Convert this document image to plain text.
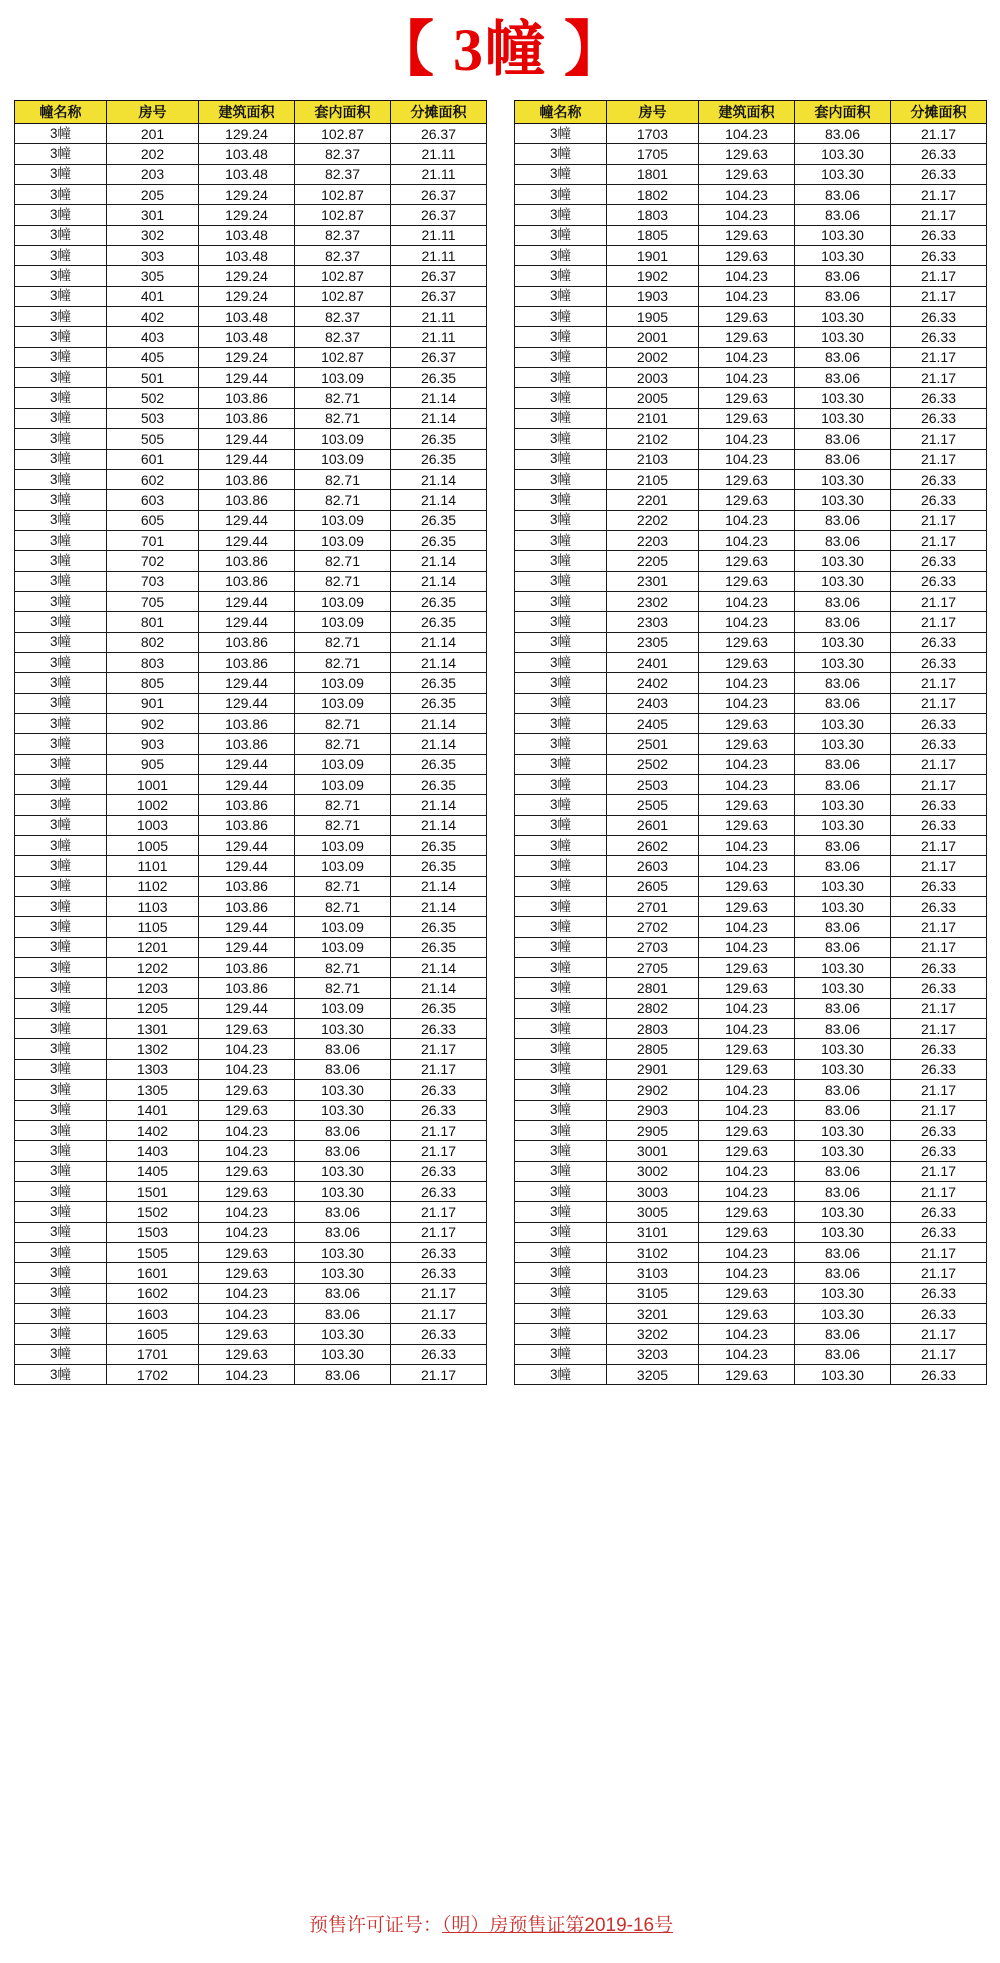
【 3幢 】
幢名称	房号	建筑面积	套内面积	分摊面积
3幢	201	129.24	102.87	26.37
3幢	202	103.48	82.37	21.11
3幢	203	103.48	82.37	21.11
3幢	205	129.24	102.87	26.37
3幢	301	129.24	102.87	26.37
3幢	302	103.48	82.37	21.11
3幢	303	103.48	82.37	21.11
3幢	305	129.24	102.87	26.37
3幢	401	129.24	102.87	26.37
3幢	402	103.48	82.37	21.11
3幢	403	103.48	82.37	21.11
3幢	405	129.24	102.87	26.37
3幢	501	129.44	103.09	26.35
3幢	502	103.86	82.71	21.14
3幢	503	103.86	82.71	21.14
3幢	505	129.44	103.09	26.35
3幢	601	129.44	103.09	26.35
3幢	602	103.86	82.71	21.14
3幢	603	103.86	82.71	21.14
3幢	605	129.44	103.09	26.35
3幢	701	129.44	103.09	26.35
3幢	702	103.86	82.71	21.14
3幢	703	103.86	82.71	21.14
3幢	705	129.44	103.09	26.35
3幢	801	129.44	103.09	26.35
3幢	802	103.86	82.71	21.14
3幢	803	103.86	82.71	21.14
3幢	805	129.44	103.09	26.35
3幢	901	129.44	103.09	26.35
3幢	902	103.86	82.71	21.14
3幢	903	103.86	82.71	21.14
3幢	905	129.44	103.09	26.35
3幢	1001	129.44	103.09	26.35
3幢	1002	103.86	82.71	21.14
3幢	1003	103.86	82.71	21.14
3幢	1005	129.44	103.09	26.35
3幢	1101	129.44	103.09	26.35
3幢	1102	103.86	82.71	21.14
3幢	1103	103.86	82.71	21.14
3幢	1105	129.44	103.09	26.35
3幢	1201	129.44	103.09	26.35
3幢	1202	103.86	82.71	21.14
3幢	1203	103.86	82.71	21.14
3幢	1205	129.44	103.09	26.35
3幢	1301	129.63	103.30	26.33
3幢	1302	104.23	83.06	21.17
3幢	1303	104.23	83.06	21.17
3幢	1305	129.63	103.30	26.33
3幢	1401	129.63	103.30	26.33
3幢	1402	104.23	83.06	21.17
3幢	1403	104.23	83.06	21.17
3幢	1405	129.63	103.30	26.33
3幢	1501	129.63	103.30	26.33
3幢	1502	104.23	83.06	21.17
3幢	1503	104.23	83.06	21.17
3幢	1505	129.63	103.30	26.33
3幢	1601	129.63	103.30	26.33
3幢	1602	104.23	83.06	21.17
3幢	1603	104.23	83.06	21.17
3幢	1605	129.63	103.30	26.33
3幢	1701	129.63	103.30	26.33
3幢	1702	104.23	83.06	21.17
幢名称	房号	建筑面积	套内面积	分摊面积
3幢	1703	104.23	83.06	21.17
3幢	1705	129.63	103.30	26.33
3幢	1801	129.63	103.30	26.33
3幢	1802	104.23	83.06	21.17
3幢	1803	104.23	83.06	21.17
3幢	1805	129.63	103.30	26.33
3幢	1901	129.63	103.30	26.33
3幢	1902	104.23	83.06	21.17
3幢	1903	104.23	83.06	21.17
3幢	1905	129.63	103.30	26.33
3幢	2001	129.63	103.30	26.33
3幢	2002	104.23	83.06	21.17
3幢	2003	104.23	83.06	21.17
3幢	2005	129.63	103.30	26.33
3幢	2101	129.63	103.30	26.33
3幢	2102	104.23	83.06	21.17
3幢	2103	104.23	83.06	21.17
3幢	2105	129.63	103.30	26.33
3幢	2201	129.63	103.30	26.33
3幢	2202	104.23	83.06	21.17
3幢	2203	104.23	83.06	21.17
3幢	2205	129.63	103.30	26.33
3幢	2301	129.63	103.30	26.33
3幢	2302	104.23	83.06	21.17
3幢	2303	104.23	83.06	21.17
3幢	2305	129.63	103.30	26.33
3幢	2401	129.63	103.30	26.33
3幢	2402	104.23	83.06	21.17
3幢	2403	104.23	83.06	21.17
3幢	2405	129.63	103.30	26.33
3幢	2501	129.63	103.30	26.33
3幢	2502	104.23	83.06	21.17
3幢	2503	104.23	83.06	21.17
3幢	2505	129.63	103.30	26.33
3幢	2601	129.63	103.30	26.33
3幢	2602	104.23	83.06	21.17
3幢	2603	104.23	83.06	21.17
3幢	2605	129.63	103.30	26.33
3幢	2701	129.63	103.30	26.33
3幢	2702	104.23	83.06	21.17
3幢	2703	104.23	83.06	21.17
3幢	2705	129.63	103.30	26.33
3幢	2801	129.63	103.30	26.33
3幢	2802	104.23	83.06	21.17
3幢	2803	104.23	83.06	21.17
3幢	2805	129.63	103.30	26.33
3幢	2901	129.63	103.30	26.33
3幢	2902	104.23	83.06	21.17
3幢	2903	104.23	83.06	21.17
3幢	2905	129.63	103.30	26.33
3幢	3001	129.63	103.30	26.33
3幢	3002	104.23	83.06	21.17
3幢	3003	104.23	83.06	21.17
3幢	3005	129.63	103.30	26.33
3幢	3101	129.63	103.30	26.33
3幢	3102	104.23	83.06	21.17
3幢	3103	104.23	83.06	21.17
3幢	3105	129.63	103.30	26.33
3幢	3201	129.63	103.30	26.33
3幢	3202	104.23	83.06	21.17
3幢	3203	104.23	83.06	21.17
3幢	3205	129.63	103.30	26.33
预售许可证号：（明）房预售证第2019-16号
